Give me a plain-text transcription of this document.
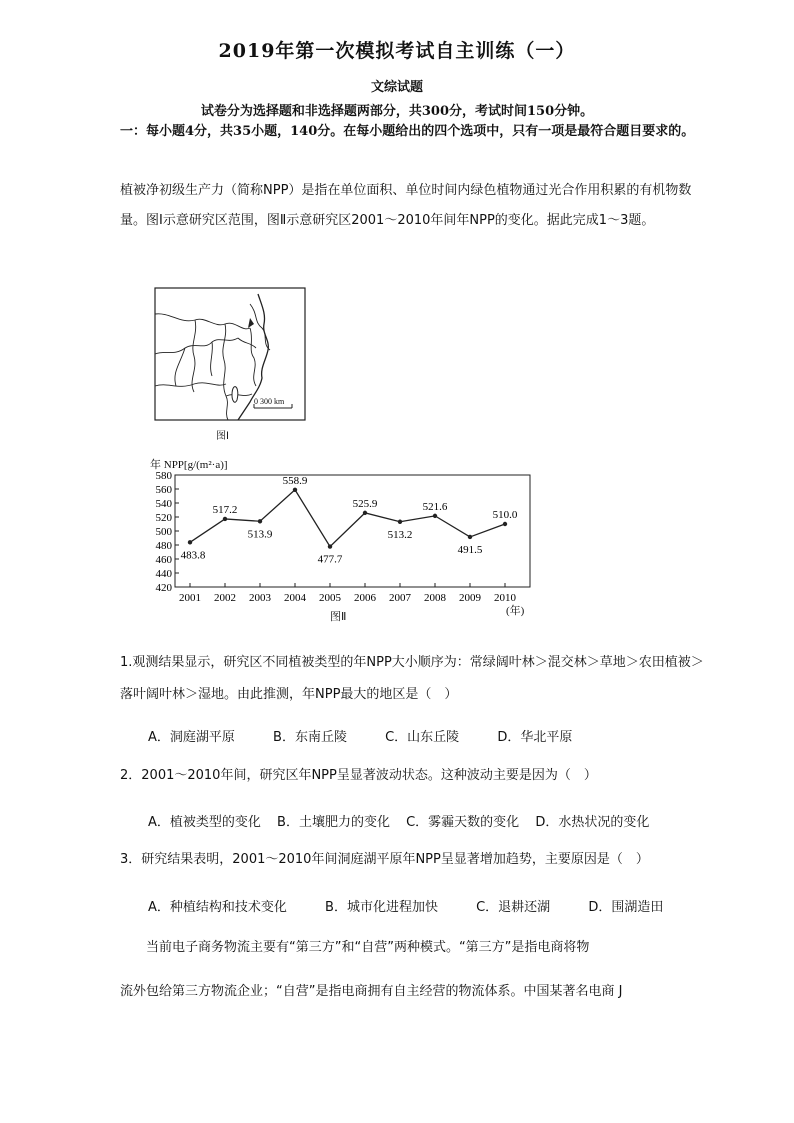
2019年第一次模拟考试自主训练（一）
文综试题
试卷分为选择题和非选择题两部分，共300分，考试时间150分钟。
一：每小题4分，共35小题，140分。在每小题给出的四个选项中，只有一项是最符合题目要求的。
植被净初级生产力（简称NPP）是指在单位面积、单位时间内绿色植物通过光合作用积累的有机物数量。图Ⅰ示意研究区范围，图Ⅱ示意研究区2001～2010年间年NPP的变化。据此完成1～3题。
0 300 km
图Ⅰ
年 NPP[g/(m²·a)]
420
440
460
480
500
520
540
560
580
2001 2002 2003 2004 2005 2006 2007 2008 2009 2010
483.8
517.2
513.9
558.9
477.7
525.9
513.2
521.6
491.5
510.0
(年)
图Ⅱ
1.观测结果显示，研究区不同植被类型的年NPP大小顺序为：常绿阔叶林＞混交林＞草地＞农田植被＞落叶阔叶林＞湿地。由此推测，年NPP最大的地区是（　）
A．洞庭湖平原	B．东南丘陵	C．山东丘陵	D．华北平原
2．2001～2010年间，研究区年NPP呈显著波动状态。这种波动主要是因为（　）
A．植被类型的变化 B．土壤肥力的变化 C．雾霾天数的变化 D．水热状况的变化
3．研究结果表明，2001～2010年间洞庭湖平原年NPP呈显著增加趋势，主要原因是（　）
A．种植结构和技术变化	B．城市化进程加快	C．退耕还湖	D．围湖造田
当前电子商务物流主要有“第三方”和“自营”两种模式。“第三方”是指电商将物
流外包给第三方物流企业；“自营”是指电商拥有自主经营的物流体系。中国某著名电商 J
